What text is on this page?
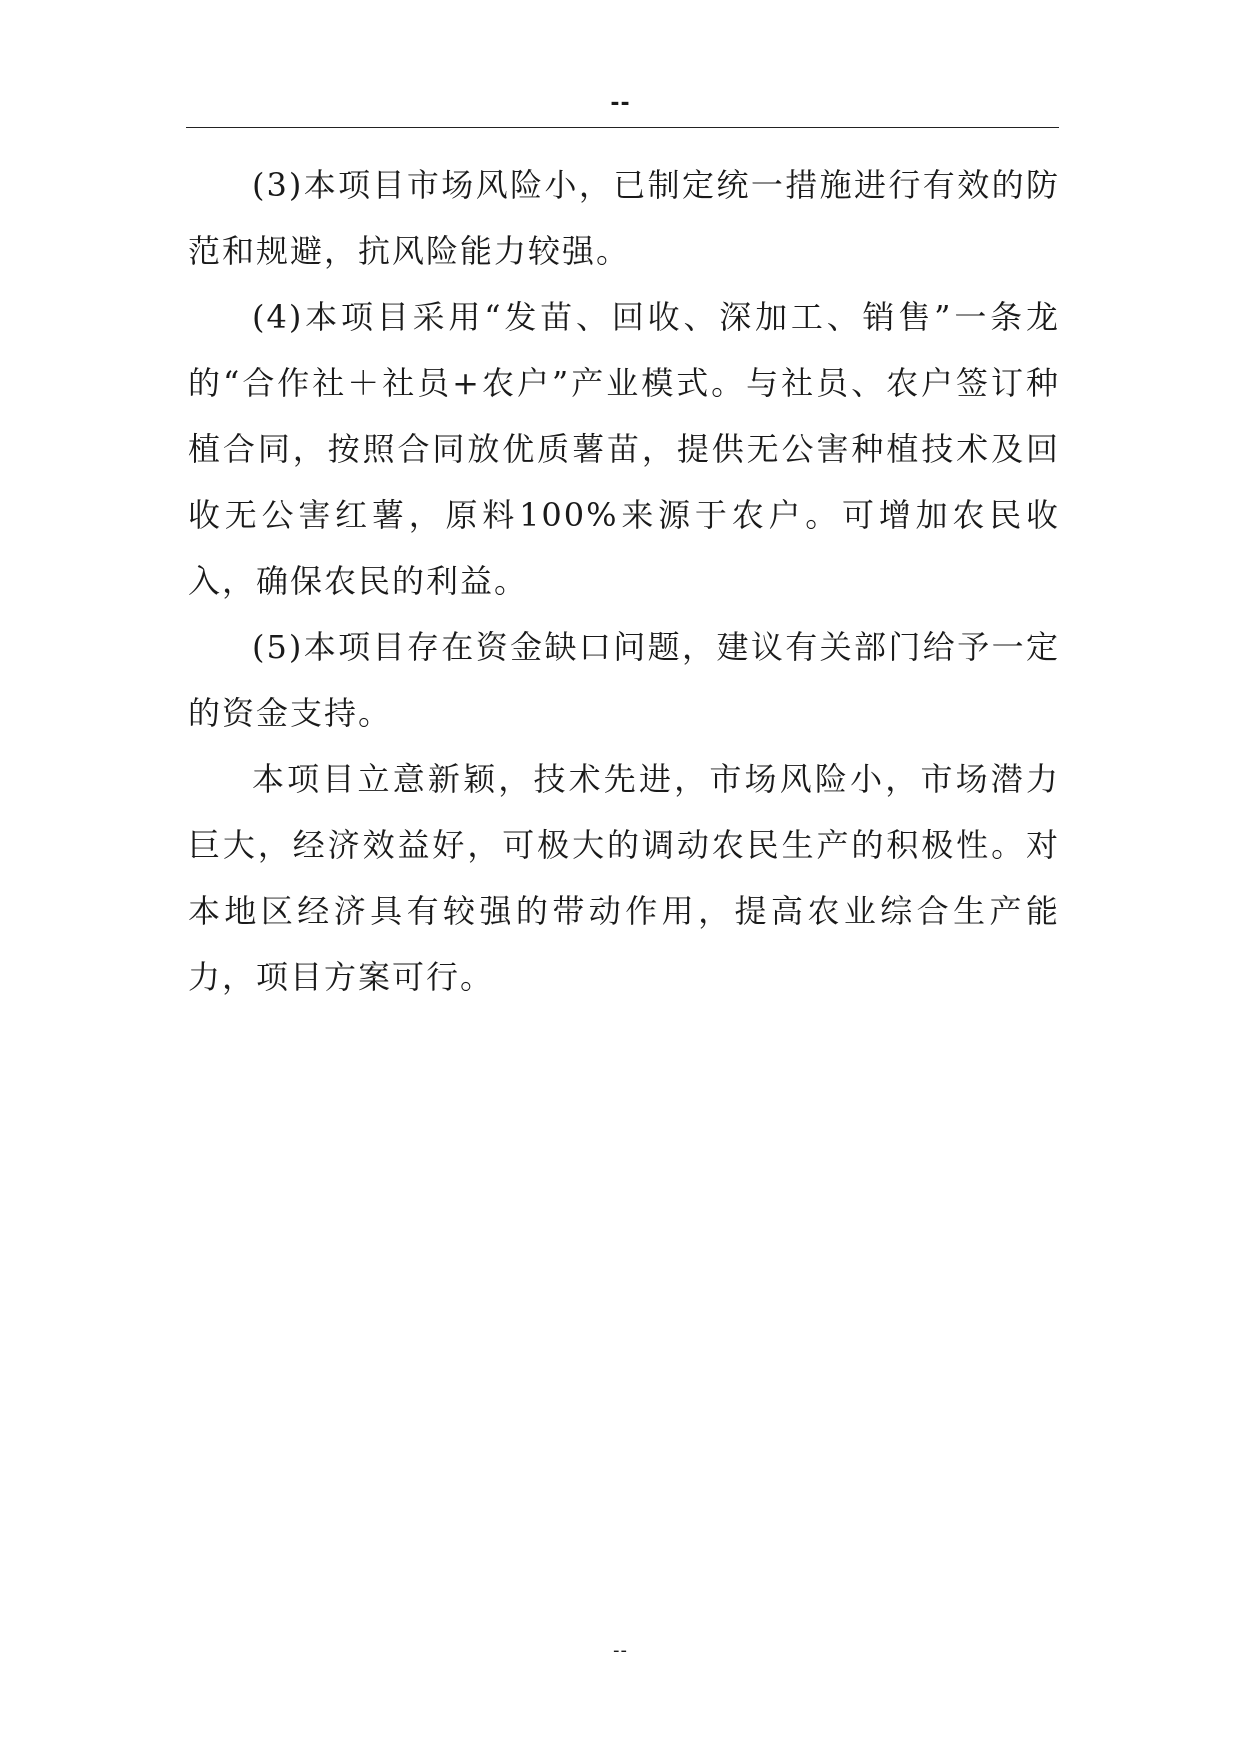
--

(3)本项目市场风险小，已制定统一措施进行有效的防范和规避，抗风险能力较强。

(4)本项目采用“发苗、回收、深加工、销售”一条龙的“合作社＋社员+农户”产业模式。与社员、农户签订种植合同，按照合同放优质薯苗，提供无公害种植技术及回收无公害红薯，原料100%来源于农户。可增加农民收入，确保农民的利益。

(5)本项目存在资金缺口问题，建议有关部门给予一定的资金支持。

本项目立意新颖，技术先进，市场风险小，市场潜力巨大，经济效益好，可极大的调动农民生产的积极性。对本地区经济具有较强的带动作用，提高农业综合生产能力，项目方案可行。

--
